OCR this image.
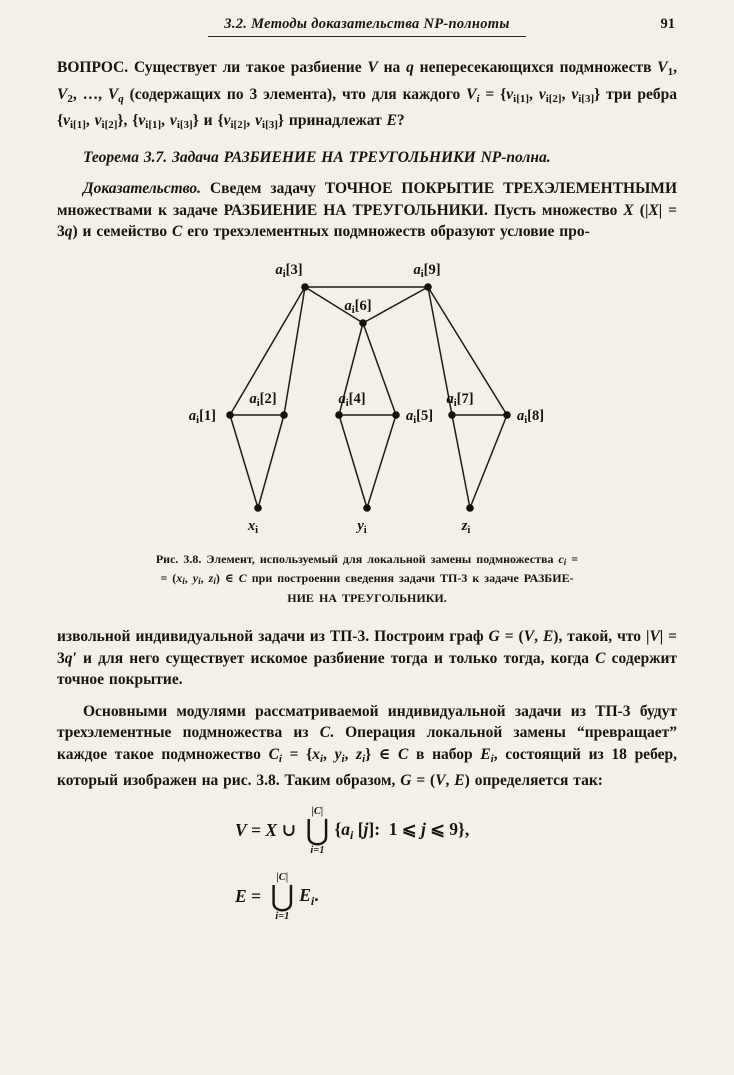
3.2. Методы доказательства NP-полноты	91

ВОПРОС. Существует ли такое разбиение V на q непересекающихся подмножеств $V_1$, $V_2$, …, $V_q$ (содержащих по 3 элемента), что для каждого $V_i = \{v_{i[1]}$, $v_{i[2]}$, $v_{i[3]}$} три ребра {$v_{i[1]}$, $v_{i[2]}$}, {$v_{i[1]}$, $v_{i[3]}$} и {$v_{i[2]}$, $v_{i[3]}$} принадлежат E?

Теорема 3.7. Задача РАЗБИЕНИЕ НА ТРЕУГОЛЬНИКИ NP-полна.

Доказательство. Сведем задачу ТОЧНОЕ ПОКРЫТИЕ ТРЕХЭЛЕМЕНТНЫМИ множествами к задаче РАЗБИЕНИЕ НА ТРЕУГОЛЬНИКИ. Пусть множество X (|X| = 3q) и семейство C его трехэлементных подмножеств образуют условие про-

$a_i[3]$	$a_i[9]$
$a_i[6]$
$a_i[1]$
$a_i[2]$	$a_i[4]$
$a_i[5]$
$a_i[7]$
$a_i[8]$
$x_i$	$y_i$	$z_i$
Рис. 3.8. Элемент, используемый для локальной замены подмножества $c_i$ =
= ($x_i$, $y_i$, $z_i$) ∈ C при построении сведения задачи ТП-3 к задаче РАЗБИЕ-
НИЕ НА ТРЕУГОЛЬНИКИ.

извольной индивидуальной задачи из ТП-3. Построим граф G = (V, E), такой, что |V| = 3q′ и для него существует искомое разбиение тогда и только тогда, когда C содержит точное покрытие.

Основными модулями рассматриваемой индивидуальной задачи из ТП-3 будут трехэлементные подмножества из C. Операция локальной замены “превращает” каждое такое подмножество $C_i = \{x_i$, $y_i$, $z_i$} ∈ C в набор $E_i$, состоящий из 18 ребер, который изображен на рис. 3.8. Таким образом, G = (V, E) определяется так:

V = X ∪
|C|
⋃
i=1
{$a_i$ [j]:  1 ⩽ j ⩽ 9},
E =
|C|
⋃
i=1
$E_i$.
